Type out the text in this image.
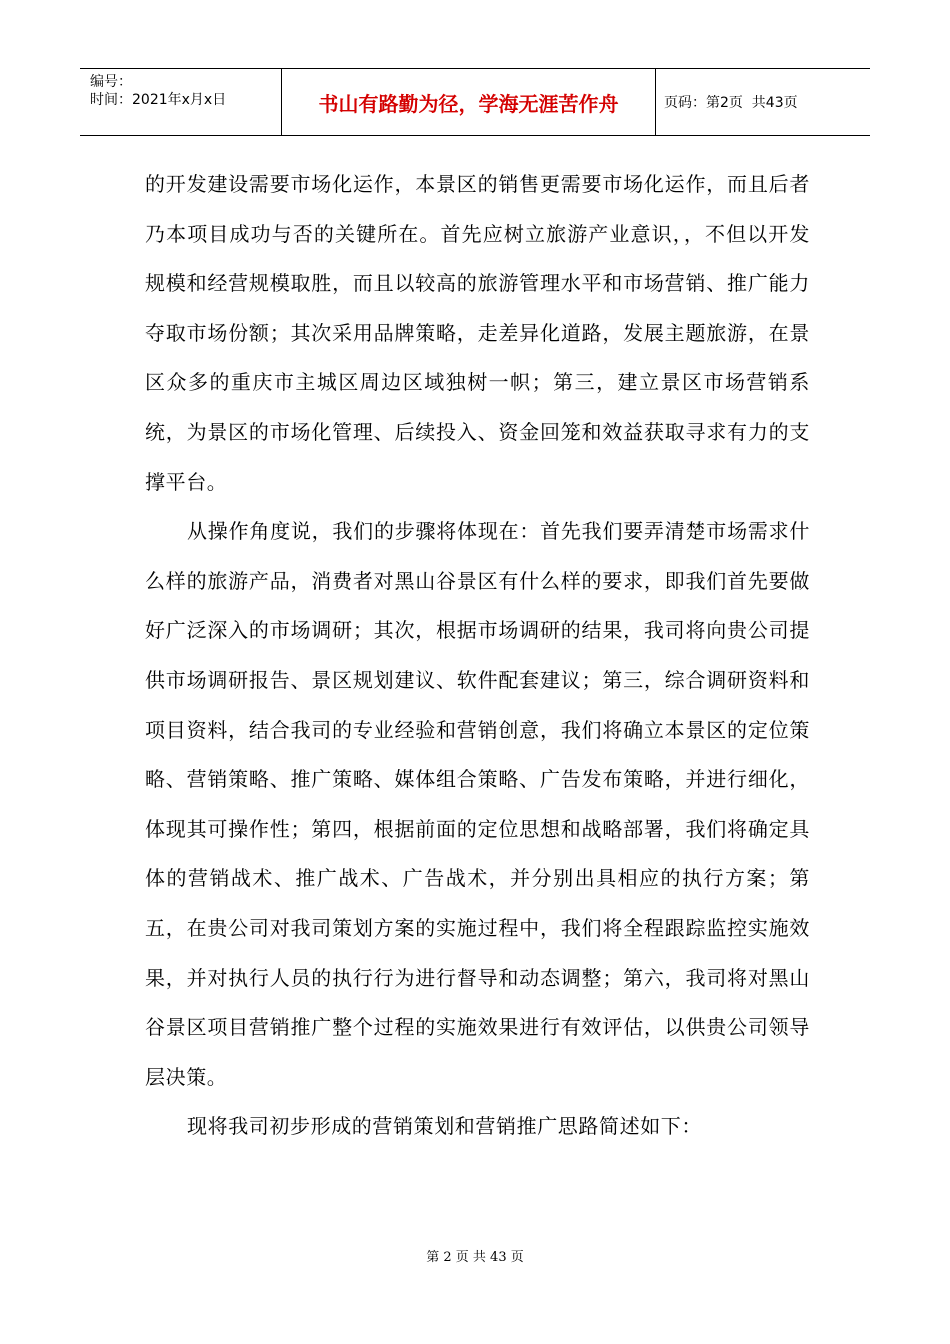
编号：
时间：2021年x月x日	书山有路勤为径，学海无涯苦作舟	页码：第2页  共43页

的开发建设需要市场化运作，本景区的销售更需要市场化运作，而且后者乃本项目成功与否的关键所在。首先应树立旅游产业意识，，不但以开发规模和经营规模取胜，而且以较高的旅游管理水平和市场营销、推广能力夺取市场份额；其次采用品牌策略，走差异化道路，发展主题旅游，在景区众多的重庆市主城区周边区域独树一帜；第三，建立景区市场营销系统，为景区的市场化管理、后续投入、资金回笼和效益获取寻求有力的支撑平台。

从操作角度说，我们的步骤将体现在：首先我们要弄清楚市场需求什么样的旅游产品，消费者对黑山谷景区有什么样的要求，即我们首先要做好广泛深入的市场调研；其次，根据市场调研的结果，我司将向贵公司提供市场调研报告、景区规划建议、软件配套建议；第三，综合调研资料和项目资料，结合我司的专业经验和营销创意，我们将确立本景区的定位策略、营销策略、推广策略、媒体组合策略、广告发布策略，并进行细化，体现其可操作性；第四，根据前面的定位思想和战略部署，我们将确定具体的营销战术、推广战术、广告战术，并分别出具相应的执行方案；第五，在贵公司对我司策划方案的实施过程中，我们将全程跟踪监控实施效果，并对执行人员的执行行为进行督导和动态调整；第六，我司将对黑山谷景区项目营销推广整个过程的实施效果进行有效评估，以供贵公司领导层决策。

现将我司初步形成的营销策划和营销推广思路简述如下：

第 2 页 共 43 页
